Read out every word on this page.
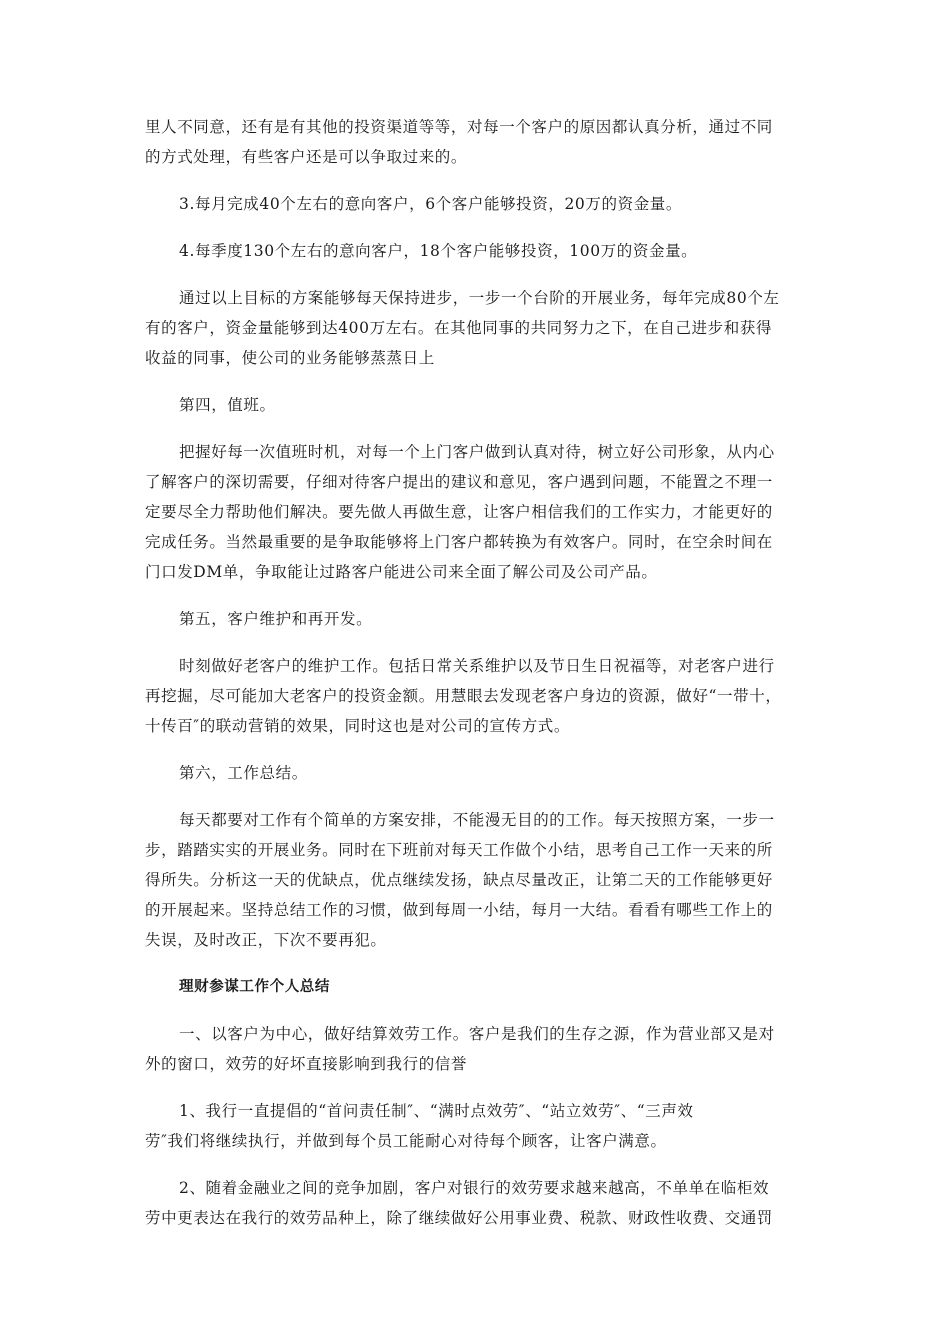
里人不同意，还有是有其他的投资渠道等等，对每一个客户的原因都认真分析，通过不同
的方式处理，有些客户还是可以争取过来的。

3.每月完成40个左右的意向客户，6个客户能够投资，20万的资金量。

4.每季度130个左右的意向客户，18个客户能够投资，100万的资金量。

通过以上目标的方案能够每天保持进步，一步一个台阶的开展业务，每年完成80个左
有的客户，资金量能够到达400万左右。在其他同事的共同努力之下，在自己进步和获得
收益的同事，使公司的业务能够蒸蒸日上

第四，值班。

把握好每一次值班时机，对每一个上门客户做到认真对待，树立好公司形象，从内心
了解客户的深切需要，仔细对待客户提出的建议和意见，客户遇到问题，不能置之不理一
定要尽全力帮助他们解决。要先做人再做生意，让客户相信我们的工作实力，才能更好的
完成任务。当然最重要的是争取能够将上门客户都转换为有效客户。同时，在空余时间在
门口发DM单，争取能让过路客户能进公司来全面了解公司及公司产品。

第五，客户维护和再开发。

时刻做好老客户的维护工作。包括日常关系维护以及节日生日祝福等，对老客户进行
再挖掘，尽可能加大老客户的投资金额。用慧眼去发现老客户身边的资源，做好“一带十，
十传百″的联动营销的效果，同时这也是对公司的宣传方式。

第六，工作总结。

每天都要对工作有个简单的方案安排，不能漫无目的的工作。每天按照方案，一步一
步，踏踏实实的开展业务。同时在下班前对每天工作做个小结，思考自己工作一天来的所
得所失。分析这一天的优缺点，优点继续发扬，缺点尽量改正，让第二天的工作能够更好
的开展起来。坚持总结工作的习惯，做到每周一小结，每月一大结。看看有哪些工作上的
失误，及时改正，下次不要再犯。

理财参谋工作个人总结

一、以客户为中心，做好结算效劳工作。客户是我们的生存之源，作为营业部又是对
外的窗口，效劳的好坏直接影响到我行的信誉

1、我行一直提倡的“首问责任制″、“满时点效劳″、“站立效劳″、“三声效
劳″我们将继续执行，并做到每个员工能耐心对待每个顾客，让客户满意。

2、随着金融业之间的竞争加剧，客户对银行的效劳要求越来越高，不单单在临柜效
劳中更表达在我行的效劳品种上，除了继续做好公用事业费、税款、财政性收费、交通罚
